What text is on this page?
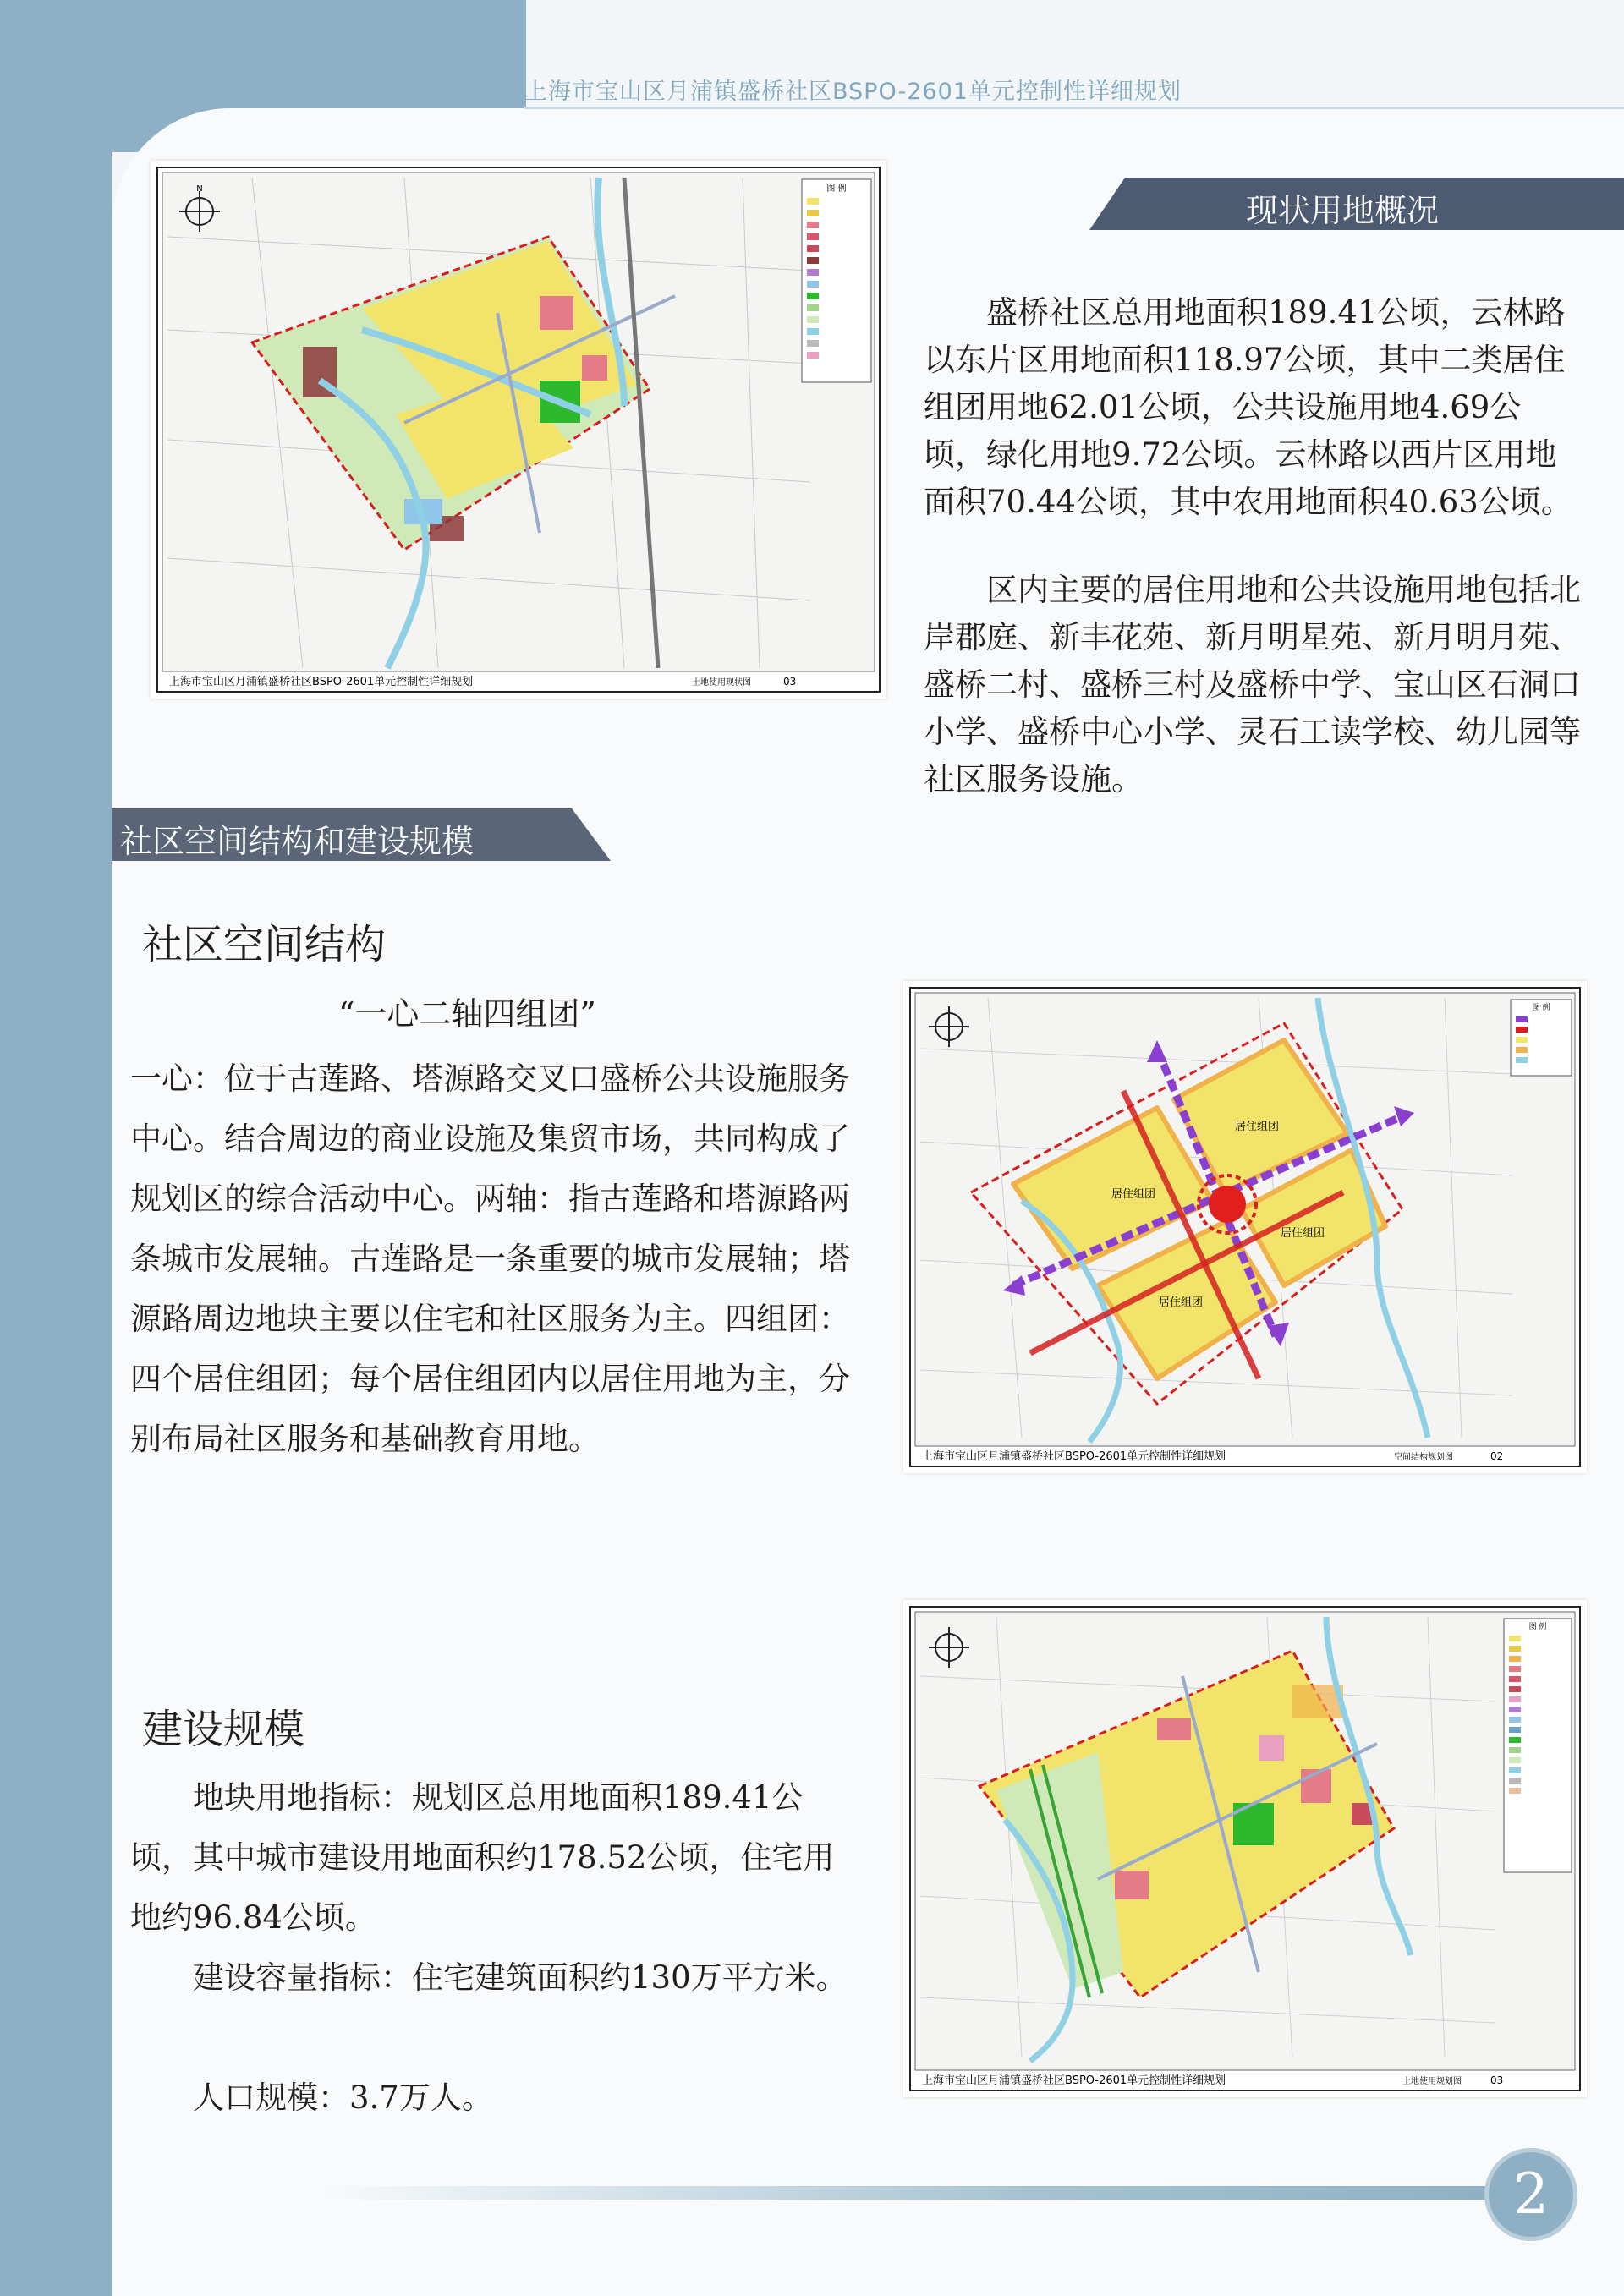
上海市宝山区月浦镇盛桥社区BSPO-2601单元控制性详细规划
N	图 例
上海市宝山区月浦镇盛桥社区BSPO-2601单元控制性详细规划	土地使用现状图	03
现状用地概况

盛桥社区总用地面积189.41公顷，云林路以东片区用地面积118.97公顷，其中二类居住组团用地62.01公顷，公共设施用地4.69公顷，绿化用地9.72公顷。云林路以西片区用地面积70.44公顷，其中农用地面积40.63公顷。

区内主要的居住用地和公共设施用地包括北岸郡庭、新丰花苑、新月明星苑、新月明月苑、盛桥二村、盛桥三村及盛桥中学、宝山区石洞口小学、盛桥中心小学、灵石工读学校、幼儿园等社区服务设施。

社区空间结构和建设规模
社区空间结构
“一心二轴四组团”

一心：位于古莲路、塔源路交叉口盛桥公共设施服务中心。结合周边的商业设施及集贸市场，共同构成了规划区的综合活动中心。两轴：指古莲路和塔源路两条城市发展轴。古莲路是一条重要的城市发展轴；塔源路周边地块主要以住宅和社区服务为主。四组团：四个居住组团；每个居住组团内以居住用地为主，分别布局社区服务和基础教育用地。

居住组团
居住组团
居住组团
居住组团
图 例
上海市宝山区月浦镇盛桥社区BSPO-2601单元控制性详细规划	空间结构规划图	02
建设规模

地块用地指标：规划区总用地面积189.41公顷，其中城市建设用地面积约178.52公顷，住宅用地约96.84公顷。

建设容量指标：住宅建筑面积约130万平方米。

人口规模：3.7万人。

图 例
上海市宝山区月浦镇盛桥社区BSPO-2601单元控制性详细规划	土地使用规划图	03
2
